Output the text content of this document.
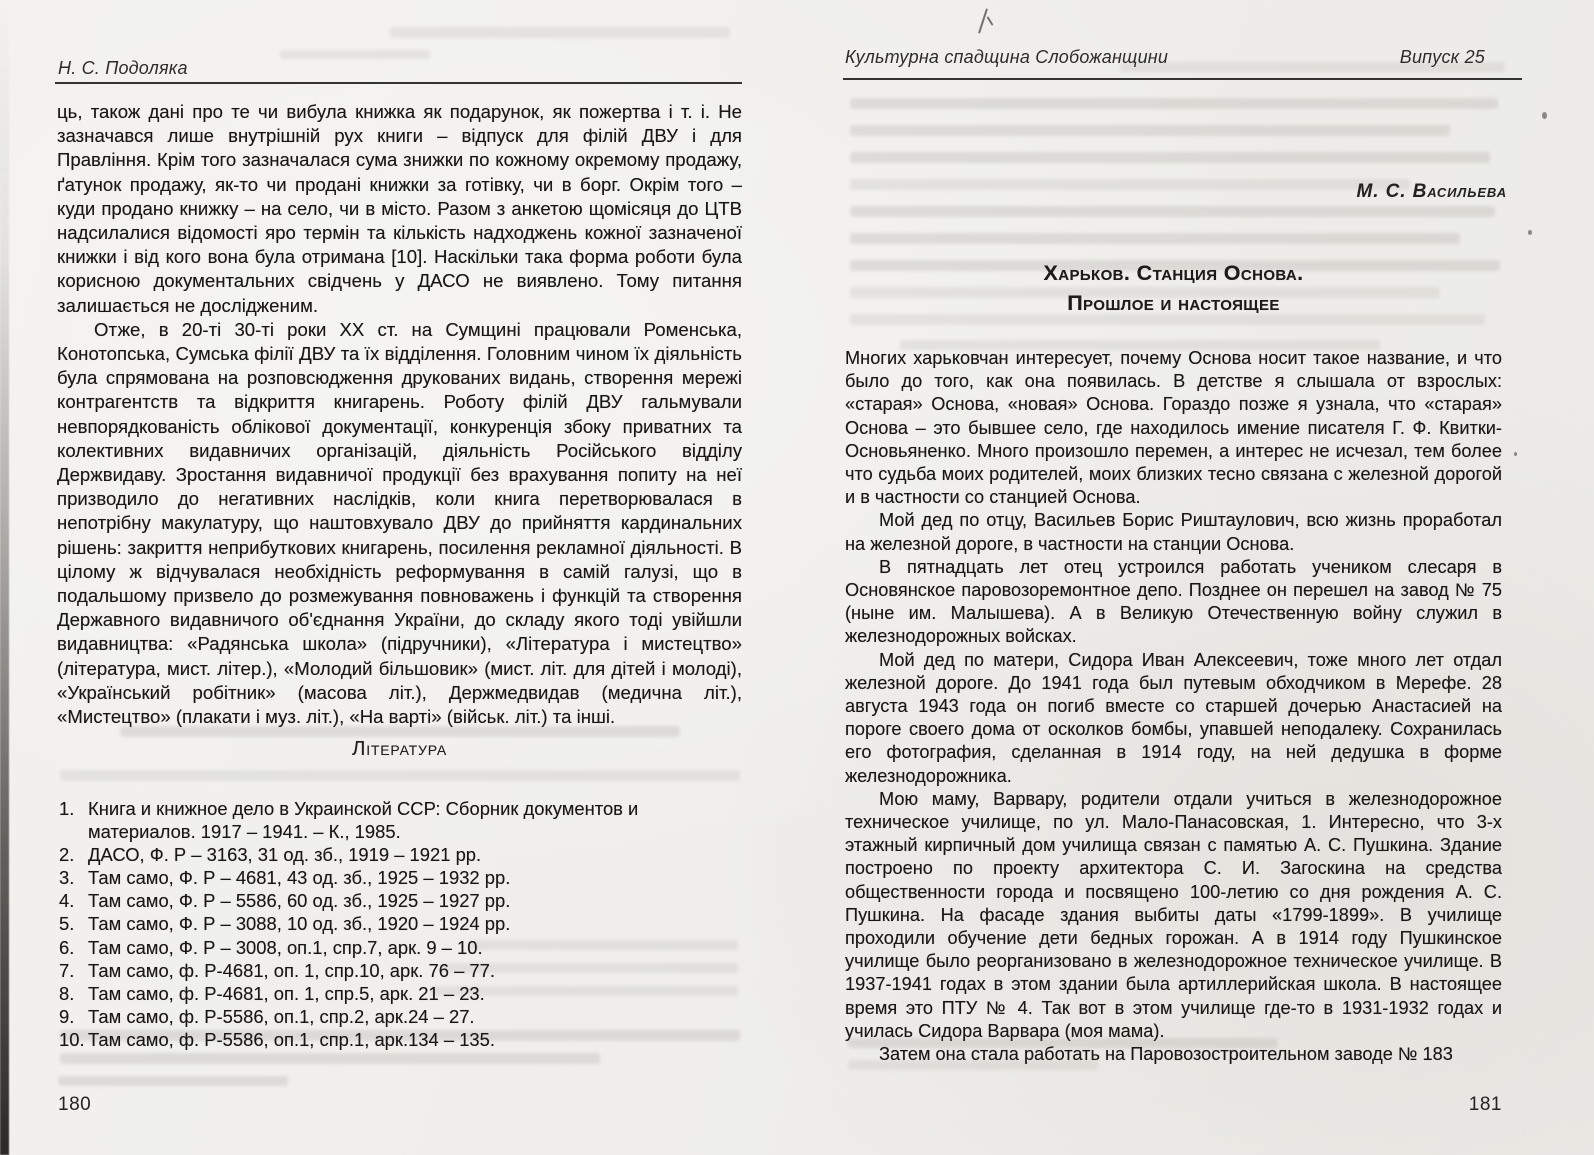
Н. С. Подоляка

ць, також дані про те чи вибула книжка як подарунок, як пожертва і т. і. Не зазначався лише внутрішній рух книги – відпуск для філій ДВУ і для Правління. Крім того зазначалася сума знижки по кожному окремому продажу, ґатунок продажу, як-то чи продані книжки за готівку, чи в борг. Окрім того – куди продано книжку – на село, чи в місто. Разом з анкетою щомісяця до ЦТВ надсилалися відомості яро термін та кількість надходжень кожної зазначеної книжки і від кого вона була отримана [10]. Наскільки така форма роботи була корисною документальних свідчень у ДАСО не виявлено. Тому питання залишається не дослідженим.

Отже, в 20-ті 30-ті роки ХХ ст. на Сумщині працювали Роменська, Конотопська, Сумська філії ДВУ та їх відділення. Головним чином їх діяльність була спрямована на розповсюдження друкованих видань, створення мережі контрагентств та відкриття книгарень. Роботу філій ДВУ гальмували невпорядкованість облікової документації, конкуренція збоку приватних та колективних видавничих організацій, діяльність Російського відділу Держвидаву. Зростання видавничої продукції без врахування попиту на неї призводило до негативних наслідків, коли книга перетворювалася в непотрібну макулатуру, що наштовхувало ДВУ до прийняття кардинальних рішень: закриття неприбуткових книгарень, посилення рекламної діяльності. В цілому ж відчувалася необхідність реформування в самій галузі, що в подальшому призвело до розмежування повноважень і функцій та створення Державного видавничого об'єднання України, до складу якого тоді увійшли видавництва: «Радянська школа» (підручники), «Література і мистецтво» (література, мист. літер.), «Молодий більшовик» (мист. літ. для дітей і молоді), «Український робітник» (масова літ.), Держмедвидав (медична літ.), «Мистецтво» (плакати і муз. літ.), «На варті» (військ. літ.) та інші.

Література
1. Книга и книжное дело в Украинской ССР: Сборник документов и материалов. 1917 – 1941. – К., 1985.
2. ДАСО, Ф. Р – 3163, 31 од. зб., 1919 – 1921 рр.
3. Там само, Ф. Р – 4681, 43 од. зб., 1925 – 1932 рр.
4. Там само, Ф. Р – 5586, 60 од. зб., 1925 – 1927 рр.
5. Там само, Ф. Р – 3088, 10 од. зб., 1920 – 1924 рр.
6. Там само, Ф. Р – 3008, оп.1, спр.7, арк. 9 – 10.
7. Там само, ф. Р-4681, оп. 1, спр.10, арк. 76 – 77.
8. Там само, ф. Р-4681, оп. 1, спр.5, арк. 21 – 23.
9. Там само, ф. Р-5586, оп.1, спр.2, арк.24 – 27.
10. Там само, ф. Р-5586, оп.1, спр.1, арк.134 – 135.
180
Культурна спадщина Слобожанщини	Випуск 25
М. С. Васильева
Харьков. Станция Основа.
Прошлое и настоящее

Многих харьковчан интересует, почему Основа носит такое название, и что было до того, как она появилась. В детстве я слышала от взрослых: «старая» Основа, «новая» Основа. Гораздо позже я узнала, что «старая» Основа – это бывшее село, где находилось имение писателя Г. Ф. Квитки-Основьяненко. Много произошло перемен, а интерес не исчезал, тем более что судьба моих родителей, моих близких тесно связана с железной дорогой и в частности со станцией Основа.

Мой дед по отцу, Васильев Борис Риштаулович, всю жизнь проработал на железной дороге, в частности на станции Основа.

В пятнадцать лет отец устроился работать учеником слесаря в Основянское паровозоремонтное депо. Позднее он перешел на завод № 75 (ныне им. Малышева). А в Великую Отечественную войну служил в железнодорожных войсках.

Мой дед по матери, Сидора Иван Алексеевич, тоже много лет отдал железной дороге. До 1941 года был путевым обходчиком в Мерефе. 28 августа 1943 года он погиб вместе со старшей дочерью Анастасией на пороге своего дома от осколков бомбы, упавшей неподалеку. Сохранилась его фотография, сделанная в 1914 году, на ней дедушка в форме железнодорожника.

Мою маму, Варвару, родители отдали учиться в железнодорожное техническое училище, по ул. Мало-Панасовская, 1. Интересно, что 3-х этажный кирпичный дом училища связан с памятью А. С. Пушкина. Здание построено по проекту архитектора С. И. Загоскина на средства общественности города и посвящено 100-летию со дня рождения А. С. Пушкина. На фасаде здания выбиты даты «1799-1899». В училище проходили обучение дети бедных горожан. А в 1914 году Пушкинское училище было реорганизовано в железнодорожное техническое училище. В 1937-1941 годах в этом здании была артиллерийская школа. В настоящее время это ПТУ № 4. Так вот в этом училище где-то в 1931-1932 годах и училась Сидора Варвара (моя мама).

Затем она стала работать на Паровозостроительном заводе № 183

181
